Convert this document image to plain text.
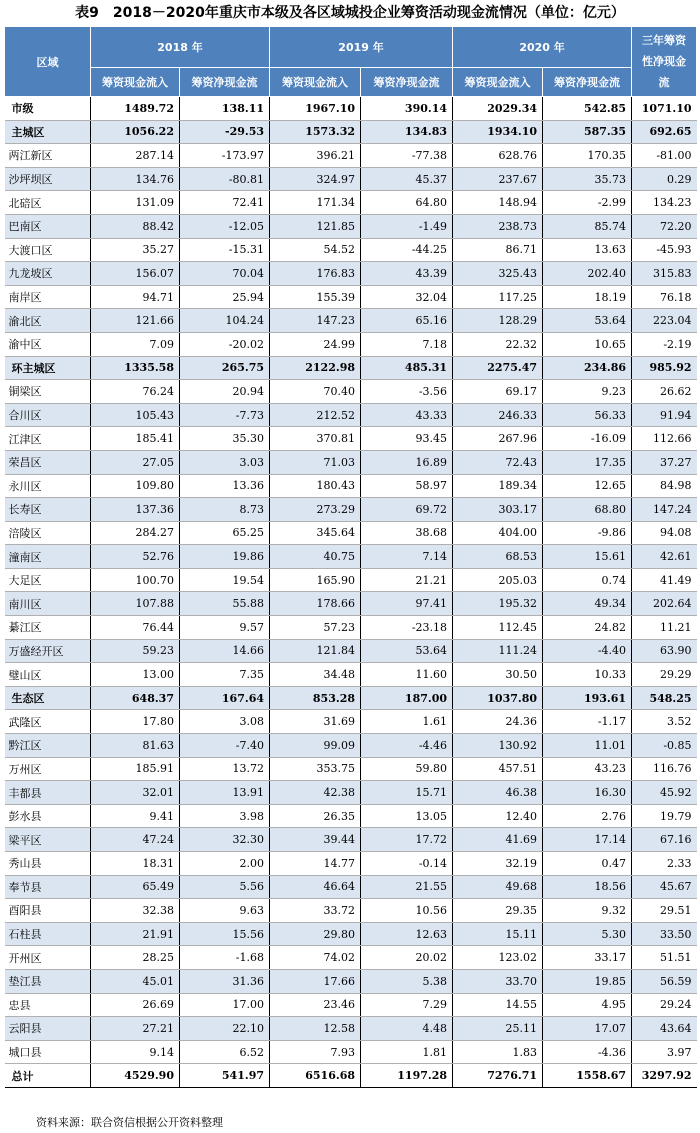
表9　2018－2020年重庆市本级及各区域城投企业筹资活动现金流情况（单位：亿元）
区域	2018 年		2019 年		2020 年		三年筹资性净现金流
	筹资现金流入	筹资净现金流	筹资现金流入	筹资净现金流	筹资现金流入	筹资净现金流	
市级	1489.72	138.11	1967.10	390.14	2029.34	542.85	1071.10
主城区	1056.22	-29.53	1573.32	134.83	1934.10	587.35	692.65
两江新区	287.14	-173.97	396.21	-77.38	628.76	170.35	-81.00
沙坪坝区	134.76	-80.81	324.97	45.37	237.67	35.73	0.29
北碚区	131.09	72.41	171.34	64.80	148.94	-2.99	134.23
巴南区	88.42	-12.05	121.85	-1.49	238.73	85.74	72.20
大渡口区	35.27	-15.31	54.52	-44.25	86.71	13.63	-45.93
九龙坡区	156.07	70.04	176.83	43.39	325.43	202.40	315.83
南岸区	94.71	25.94	155.39	32.04	117.25	18.19	76.18
渝北区	121.66	104.24	147.23	65.16	128.29	53.64	223.04
渝中区	7.09	-20.02	24.99	7.18	22.32	10.65	-2.19
环主城区	1335.58	265.75	2122.98	485.31	2275.47	234.86	985.92
铜梁区	76.24	20.94	70.40	-3.56	69.17	9.23	26.62
合川区	105.43	-7.73	212.52	43.33	246.33	56.33	91.94
江津区	185.41	35.30	370.81	93.45	267.96	-16.09	112.66
荣昌区	27.05	3.03	71.03	16.89	72.43	17.35	37.27
永川区	109.80	13.36	180.43	58.97	189.34	12.65	84.98
长寿区	137.36	8.73	273.29	69.72	303.17	68.80	147.24
涪陵区	284.27	65.25	345.64	38.68	404.00	-9.86	94.08
潼南区	52.76	19.86	40.75	7.14	68.53	15.61	42.61
大足区	100.70	19.54	165.90	21.21	205.03	0.74	41.49
南川区	107.88	55.88	178.66	97.41	195.32	49.34	202.64
綦江区	76.44	9.57	57.23	-23.18	112.45	24.82	11.21
万盛经开区	59.23	14.66	121.84	53.64	111.24	-4.40	63.90
璧山区	13.00	7.35	34.48	11.60	30.50	10.33	29.29
生态区	648.37	167.64	853.28	187.00	1037.80	193.61	548.25
武隆区	17.80	3.08	31.69	1.61	24.36	-1.17	3.52
黔江区	81.63	-7.40	99.09	-4.46	130.92	11.01	-0.85
万州区	185.91	13.72	353.75	59.80	457.51	43.23	116.76
丰都县	32.01	13.91	42.38	15.71	46.38	16.30	45.92
彭水县	9.41	3.98	26.35	13.05	12.40	2.76	19.79
梁平区	47.24	32.30	39.44	17.72	41.69	17.14	67.16
秀山县	18.31	2.00	14.77	-0.14	32.19	0.47	2.33
奉节县	65.49	5.56	46.64	21.55	49.68	18.56	45.67
酉阳县	32.38	9.63	33.72	10.56	29.35	9.32	29.51
石柱县	21.91	15.56	29.80	12.63	15.11	5.30	33.50
开州区	28.25	-1.68	74.02	20.02	123.02	33.17	51.51
垫江县	45.01	31.36	17.66	5.38	33.70	19.85	56.59
忠县	26.69	17.00	23.46	7.29	14.55	4.95	29.24
云阳县	27.21	22.10	12.58	4.48	25.11	17.07	43.64
城口县	9.14	6.52	7.93	1.81	1.83	-4.36	3.97
总计	4529.90	541.97	6516.68	1197.28	7276.71	1558.67	3297.92
资料来源：联合资信根据公开资料整理
